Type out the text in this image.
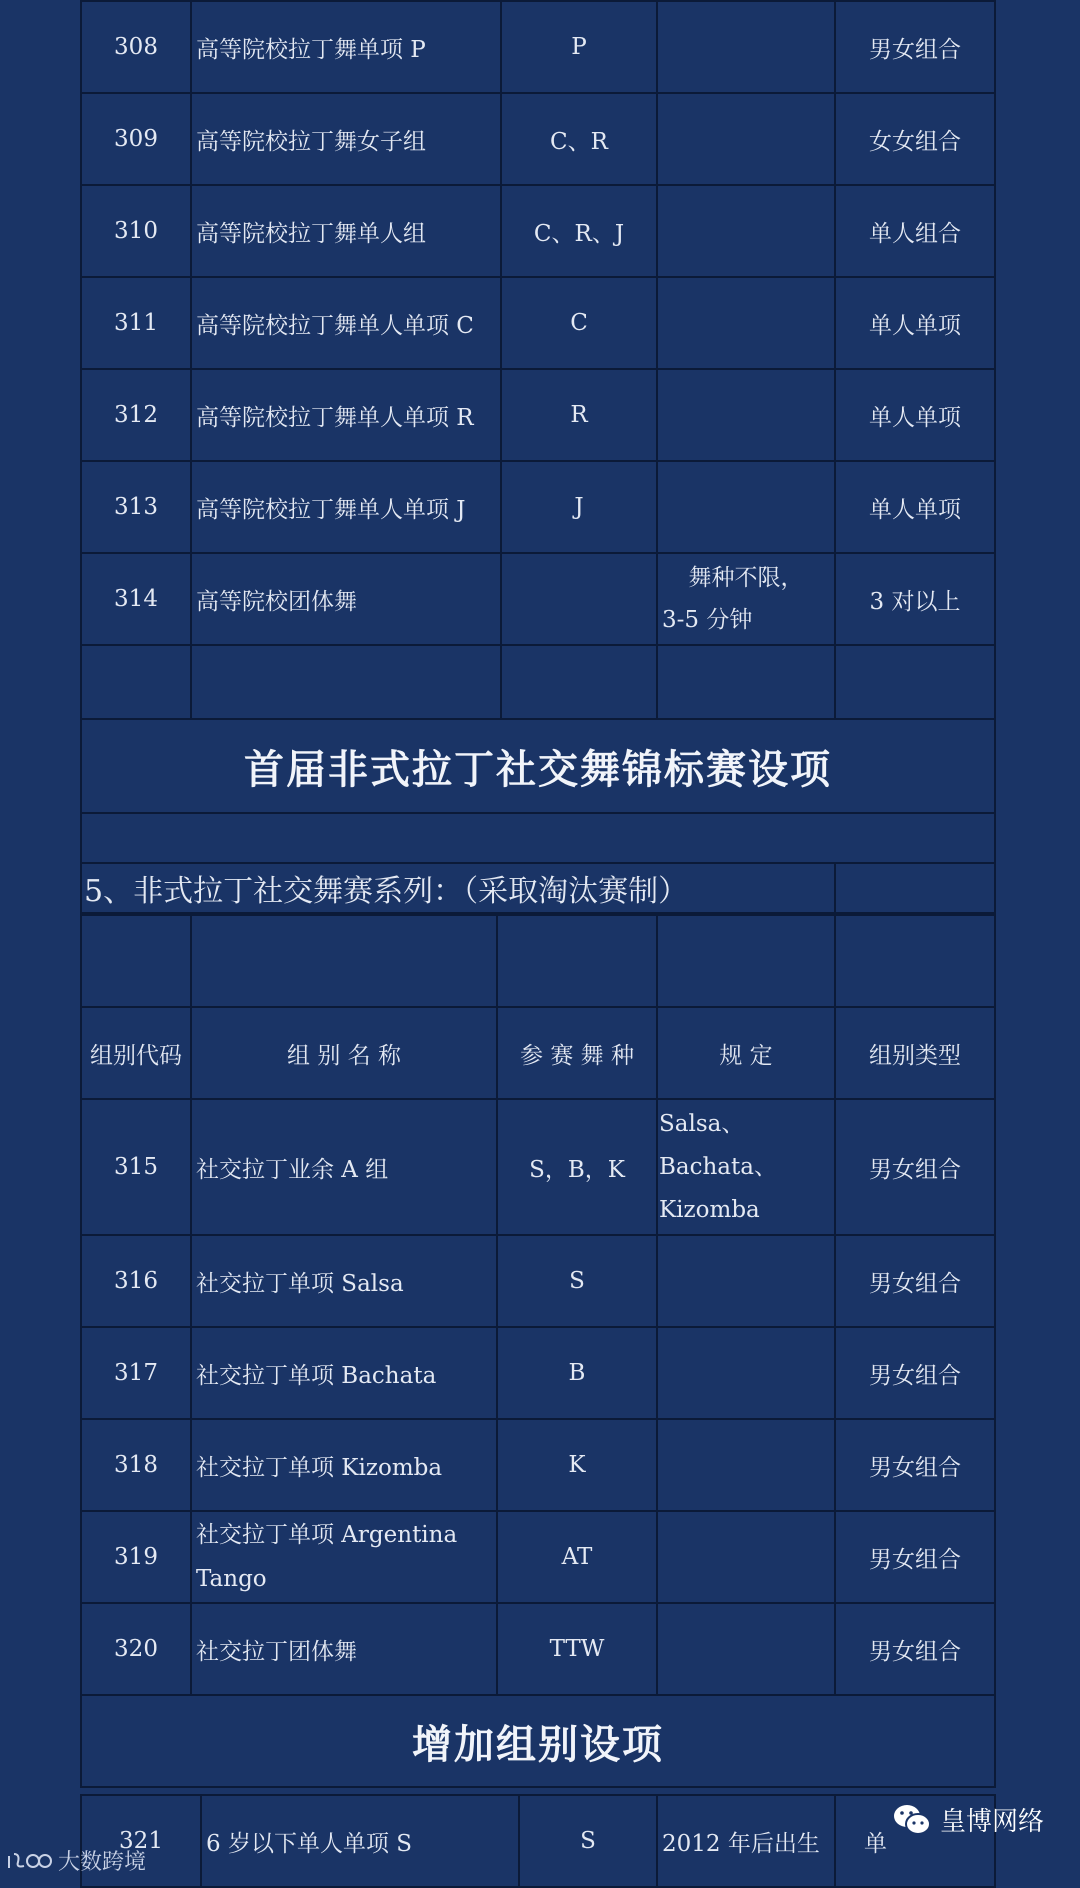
308	高等院校拉丁舞单项 P	P		男女组合
309	高等院校拉丁舞女子组	C、R		女女组合
310	高等院校拉丁舞单人组	C、R、J		单人组合
311	高等院校拉丁舞单人单项 C	C		单人单项
312	高等院校拉丁舞单人单项 R	R		单人单项
313	高等院校拉丁舞单人单项 J	J		单人单项
314	高等院校团体舞		舞种不限，
3-5 分钟	3 对以上

首届非式拉丁社交舞锦标赛设项				

5、非式拉丁社交舞赛系列：（采取淘汰赛制）				

组别代码	组 别 名 称	参 赛 舞 种	规 定	组别类型
315	社交拉丁业余 A 组	S，B，K	Salsa、
Bachata、
Kizomba	男女组合
316	社交拉丁单项 Salsa	S		男女组合
317	社交拉丁单项 Bachata	B		男女组合
318	社交拉丁单项 Kizomba	K		男女组合
319	社交拉丁单项 Argentina
Tango	AT		男女组合
320	社交拉丁团体舞	TTW		男女组合
增加组别设项				
321	6 岁以下单人单项 S	S	2012 年后出生	单
大数跨境
皇博网络
